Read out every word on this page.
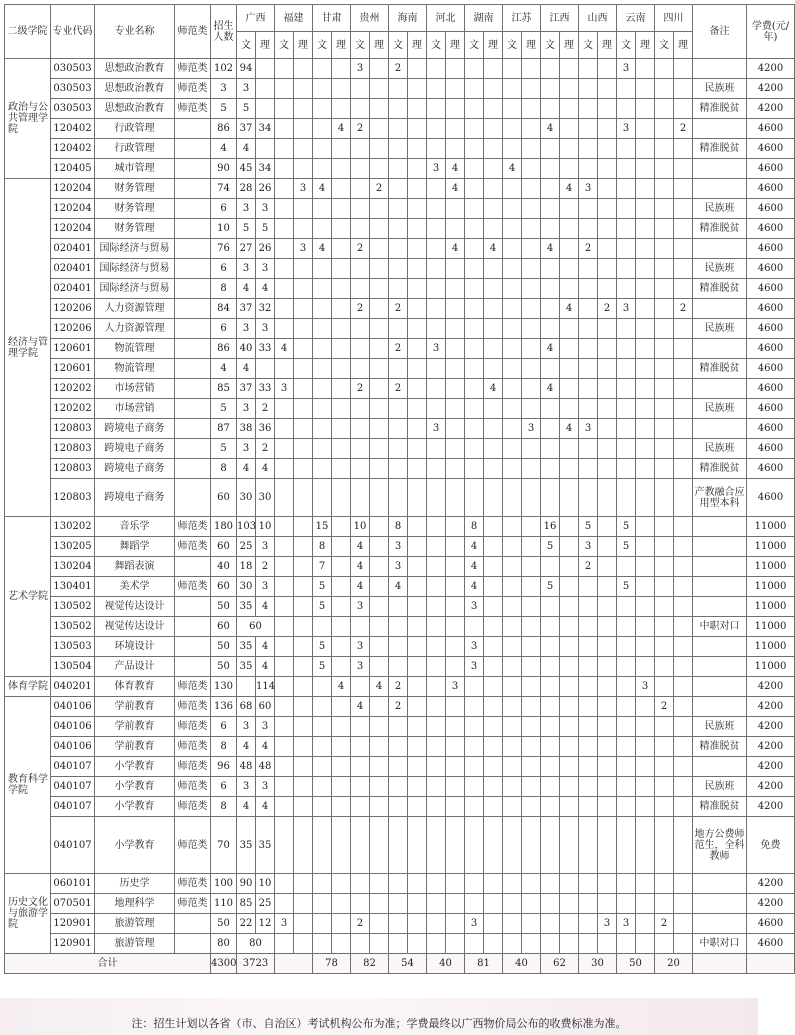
二级学院	专业代码	专业名称	师范类	招生人数	广西		福建		甘肃		贵州		海南		河北		湖南		江苏		江西		山西		云南		四川		备注	学费(元/年)
					文	理	文	理	文	理	文	理	文	理	文	理	文	理	文	理	文	理	文	理	文	理	文	理		
政治与公共管理学院	030503	思想政治教育	师范类	102	94						3		2												3					4200
	030503	思想政治教育	师范类	3	3																								民族班	4200
	030503	思想政治教育	师范类	5	5																								精准脱贫	4200
	120402	行政管理		86	37	34				4	2										4				3			2		4600
	120402	行政管理		4	4																								精准脱贫	4600
	120405	城市管理		90	45	34									3	4			4											4600
经济与管理学院	120204	财务管理		74	28	26		3	4			2				4						4	3							4600
	120204	财务管理		6	3	3																							民族班	4600
	120204	财务管理		10	5	5																							精准脱贫	4600
	020401	国际经济与贸易		76	27	26		3	4		2					4		4			4		2							4600
	020401	国际经济与贸易		6	3	3																							民族班	4600
	020401	国际经济与贸易		8	4	4																							精准脱贫	4600
	120206	人力资源管理		84	37	32					2		2									4		2	3			2		4600
	120206	人力资源管理		6	3	3																							民族班	4600
	120601	物流管理		86	40	33	4						2		3						4									4600
	120601	物流管理		4	4																								精准脱贫	4600
	120202	市场营销		85	37	33	3				2		2					4			4									4600
	120202	市场营销		5	3	2																							民族班	4600
	120803	跨境电子商务		87	38	36									3					3		4	3							4600
	120803	跨境电子商务		5	3	2																							民族班	4600
	120803	跨境电子商务		8	4	4																							精准脱贫	4600
	120803	跨境电子商务		60	30	30																							产教融合应用型本科	4600
艺术学院	130202	音乐学	师范类	180	103	10			15		10		8				8				16		5		5					11000
	130205	舞蹈学	师范类	60	25	3			8		4		3				4				5		3		5					11000
	130204	舞蹈表演		40	18	2			7		4		3				4						2							11000
	130401	美术学	师范类	60	30	3			5		4		4				4				5				5					11000
	130502	视觉传达设计		50	35	4			5		3						3													11000
	130502	视觉传达设计		60	60																								中职对口	11000
	130503	环境设计		50	35	4			5		3						3													11000
	130504	产品设计		50	35	4			5		3						3													11000
体育学院	040201	体育教育	师范类	130		114				4		4	2			3										3				4200
教育科学学院	040106	学前教育	师范类	136	68	60					4		2														2			4200
	040106	学前教育	师范类	6	3	3																							民族班	4200
	040106	学前教育	师范类	8	4	4																							精准脱贫	4200
	040107	小学教育	师范类	96	48	48																								4200
	040107	小学教育	师范类	6	3	3																							民族班	4200
	040107	小学教育	师范类	8	4	4																							精准脱贫	4200
	040107	小学教育	师范类	70	35	35																							地方公费师范生，全科教师	免费
历史文化与旅游学院	060101	历史学	师范类	100	90	10																								4200
	070501	地理科学	师范类	110	85	25																								4200
	120901	旅游管理		50	22	12	3				2						3							3	3		2			4600
	120901	旅游管理		80	80																								中职对口	4600
合计				4300	3723				78		82		54		40		81		40		62		30		50		20			
注：招生计划以各省（市、自治区）考试机构公布为准；学费最终以广西物价局公布的收费标准为准。
